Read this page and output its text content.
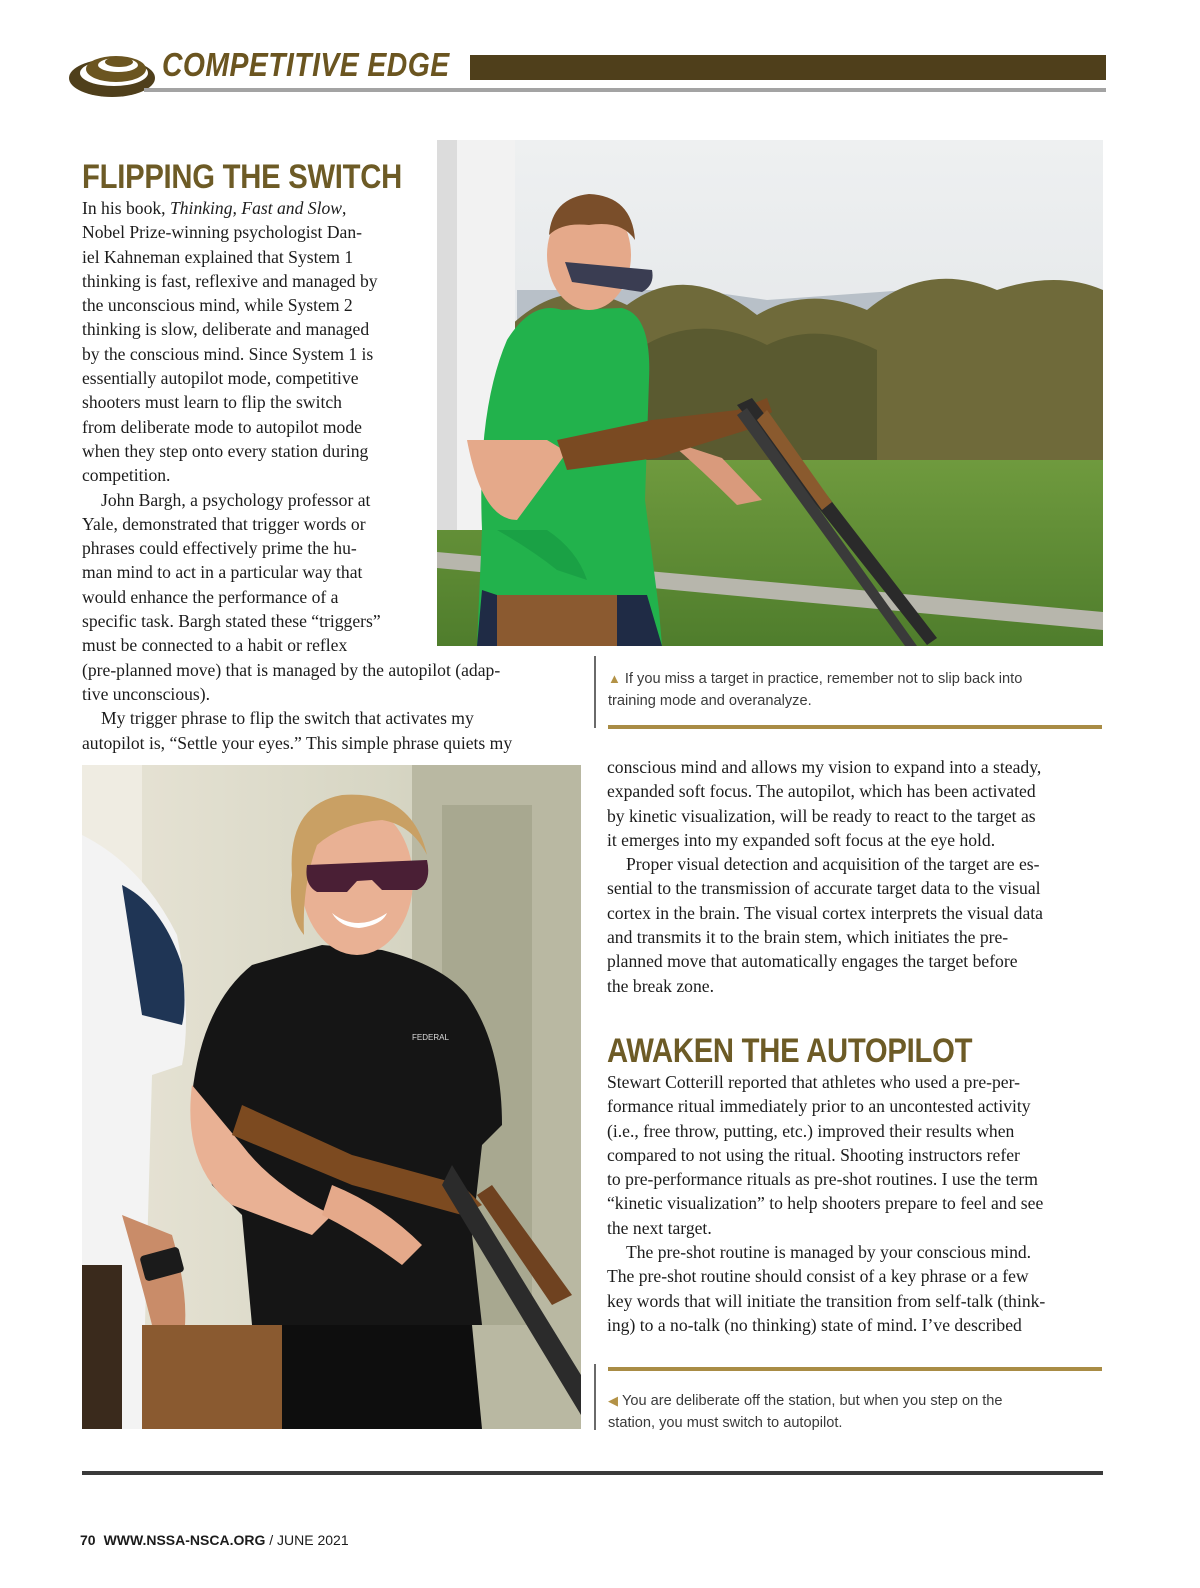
COMPETITIVE EDGE
FLIPPING THE SWITCH
In his book, Thinking, Fast and Slow,
Nobel Prize-winning psychologist Dan-
iel Kahneman explained that System 1
thinking is fast, reflexive and managed by
the unconscious mind, while System 2
thinking is slow, deliberate and managed
by the conscious mind. Since System 1 is
essentially autopilot mode, competitive
shooters must learn to flip the switch
from deliberate mode to autopilot mode
when they step onto every station during
competition.
John Bargh, a psychology professor at
Yale, demonstrated that trigger words or
phrases could effectively prime the hu-
man mind to act in a particular way that
would enhance the performance of a
specific task. Bargh stated these “triggers”
must be connected to a habit or reflex
(pre-planned move) that is managed by the autopilot (adap-
tive unconscious).
My trigger phrase to flip the switch that activates my
autopilot is, “Settle your eyes.” This simple phrase quiets my
▲ If you miss a target in practice, remember not to slip back into
training mode and overanalyze.
conscious mind and allows my vision to expand into a steady,
expanded soft focus. The autopilot, which has been activated
by kinetic visualization, will be ready to react to the target as
it emerges into my expanded soft focus at the eye hold.
Proper visual detection and acquisition of the target are es-
sential to the transmission of accurate target data to the visual
cortex in the brain. The visual cortex interprets the visual data
and transmits it to the brain stem, which initiates the pre-
planned move that automatically engages the target before
the break zone.
AWAKEN THE AUTOPILOT
Stewart Cotterill reported that athletes who used a pre-per-
formance ritual immediately prior to an uncontested activity
(i.e., free throw, putting, etc.) improved their results when
compared to not using the ritual. Shooting instructors refer
to pre-performance rituals as pre-shot routines. I use the term
“kinetic visualization” to help shooters prepare to feel and see
the next target.
The pre-shot routine is managed by your conscious mind.
The pre-shot routine should consist of a key phrase or a few
key words that will initiate the transition from self-talk (think-
ing) to a no-talk (no thinking) state of mind. I’ve described
FEDERAL
◀ You are deliberate off the station, but when you step on the
station, you must switch to autopilot.
70 WWW.NSSA-NSCA.ORG / JUNE 2021
